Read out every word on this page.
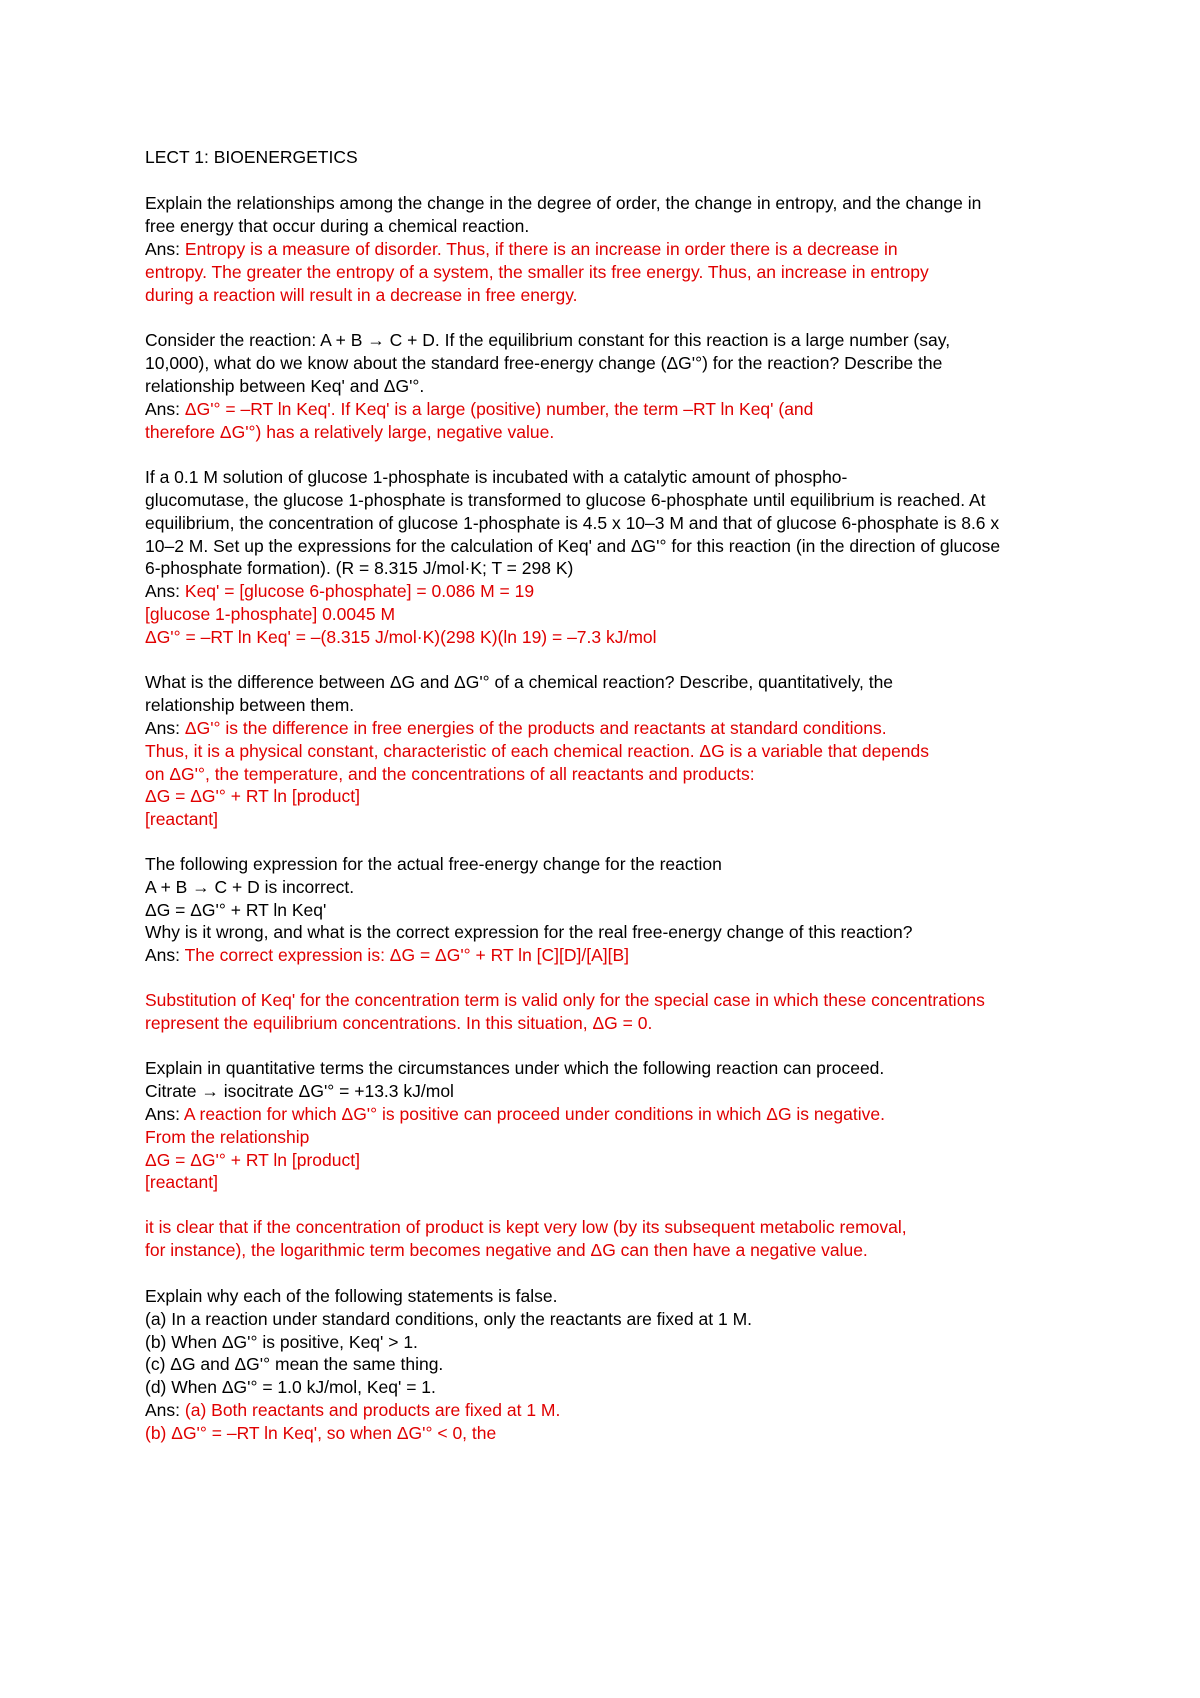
LECT 1: BIOENERGETICS
Explain the relationships among the change in the degree of order, the change in entropy, and the change in
free energy that occur during a chemical reaction.
Ans: Entropy is a measure of disorder. Thus, if there is an increase in order there is a decrease in
entropy. The greater the entropy of a system, the smaller its free energy. Thus, an increase in entropy
during a reaction will result in a decrease in free energy.
Consider the reaction: A + B → C + D. If the equilibrium constant for this reaction is a large number (say,
10,000), what do we know about the standard free-energy change (ΔG'°) for the reaction? Describe the
relationship between Keq' and ΔG'°.
Ans: ΔG'° = –RT ln Keq'. If Keq' is a large (positive) number, the term –RT ln Keq' (and
therefore ΔG'°) has a relatively large, negative value.
If a 0.1 M solution of glucose 1-phosphate is incubated with a catalytic amount of phospho-
glucomutase, the glucose 1-phosphate is transformed to glucose 6-phosphate until equilibrium is reached. At
equilibrium, the concentration of glucose 1-phosphate is 4.5 x 10–3 M and that of glucose 6-phosphate is 8.6 x
10–2 M. Set up the expressions for the calculation of Keq' and ΔG'° for this reaction (in the direction of glucose
6-phosphate formation). (R = 8.315 J/mol·K; T = 298 K)
Ans: Keq' = [glucose 6-phosphate] = 0.086 M = 19
[glucose 1-phosphate] 0.0045 M
ΔG'° = –RT ln Keq' = –(8.315 J/mol·K)(298 K)(ln 19) = –7.3 kJ/mol
What is the difference between ΔG and ΔG'° of a chemical reaction? Describe, quantitatively, the
relationship between them.
Ans: ΔG'° is the difference in free energies of the products and reactants at standard conditions.
Thus, it is a physical constant, characteristic of each chemical reaction. ΔG is a variable that depends
on ΔG'°, the temperature, and the concentrations of all reactants and products:
ΔG = ΔG'° + RT ln [product]
[reactant]
The following expression for the actual free-energy change for the reaction
A + B → C + D is incorrect.
ΔG = ΔG'° + RT ln Keq'
Why is it wrong, and what is the correct expression for the real free-energy change of this reaction?
Ans: The correct expression is: ΔG = ΔG'° + RT ln [C][D]/[A][B]
Substitution of Keq' for the concentration term is valid only for the special case in which these concentrations
represent the equilibrium concentrations. In this situation, ΔG = 0.
Explain in quantitative terms the circumstances under which the following reaction can proceed.
Citrate → isocitrate ΔG'° = +13.3 kJ/mol
Ans: A reaction for which ΔG'° is positive can proceed under conditions in which ΔG is negative.
From the relationship
ΔG = ΔG'° + RT ln [product]
[reactant]
it is clear that if the concentration of product is kept very low (by its subsequent metabolic removal,
for instance), the logarithmic term becomes negative and ΔG can then have a negative value.
Explain why each of the following statements is false.
(a) In a reaction under standard conditions, only the reactants are fixed at 1 M.
(b) When ΔG'° is positive, Keq' > 1.
(c) ΔG and ΔG'° mean the same thing.
(d) When ΔG'° = 1.0 kJ/mol, Keq' = 1.
Ans: (a) Both reactants and products are fixed at 1 M.
(b) ΔG'° = –RT ln Keq', so when ΔG'° < 0, the
